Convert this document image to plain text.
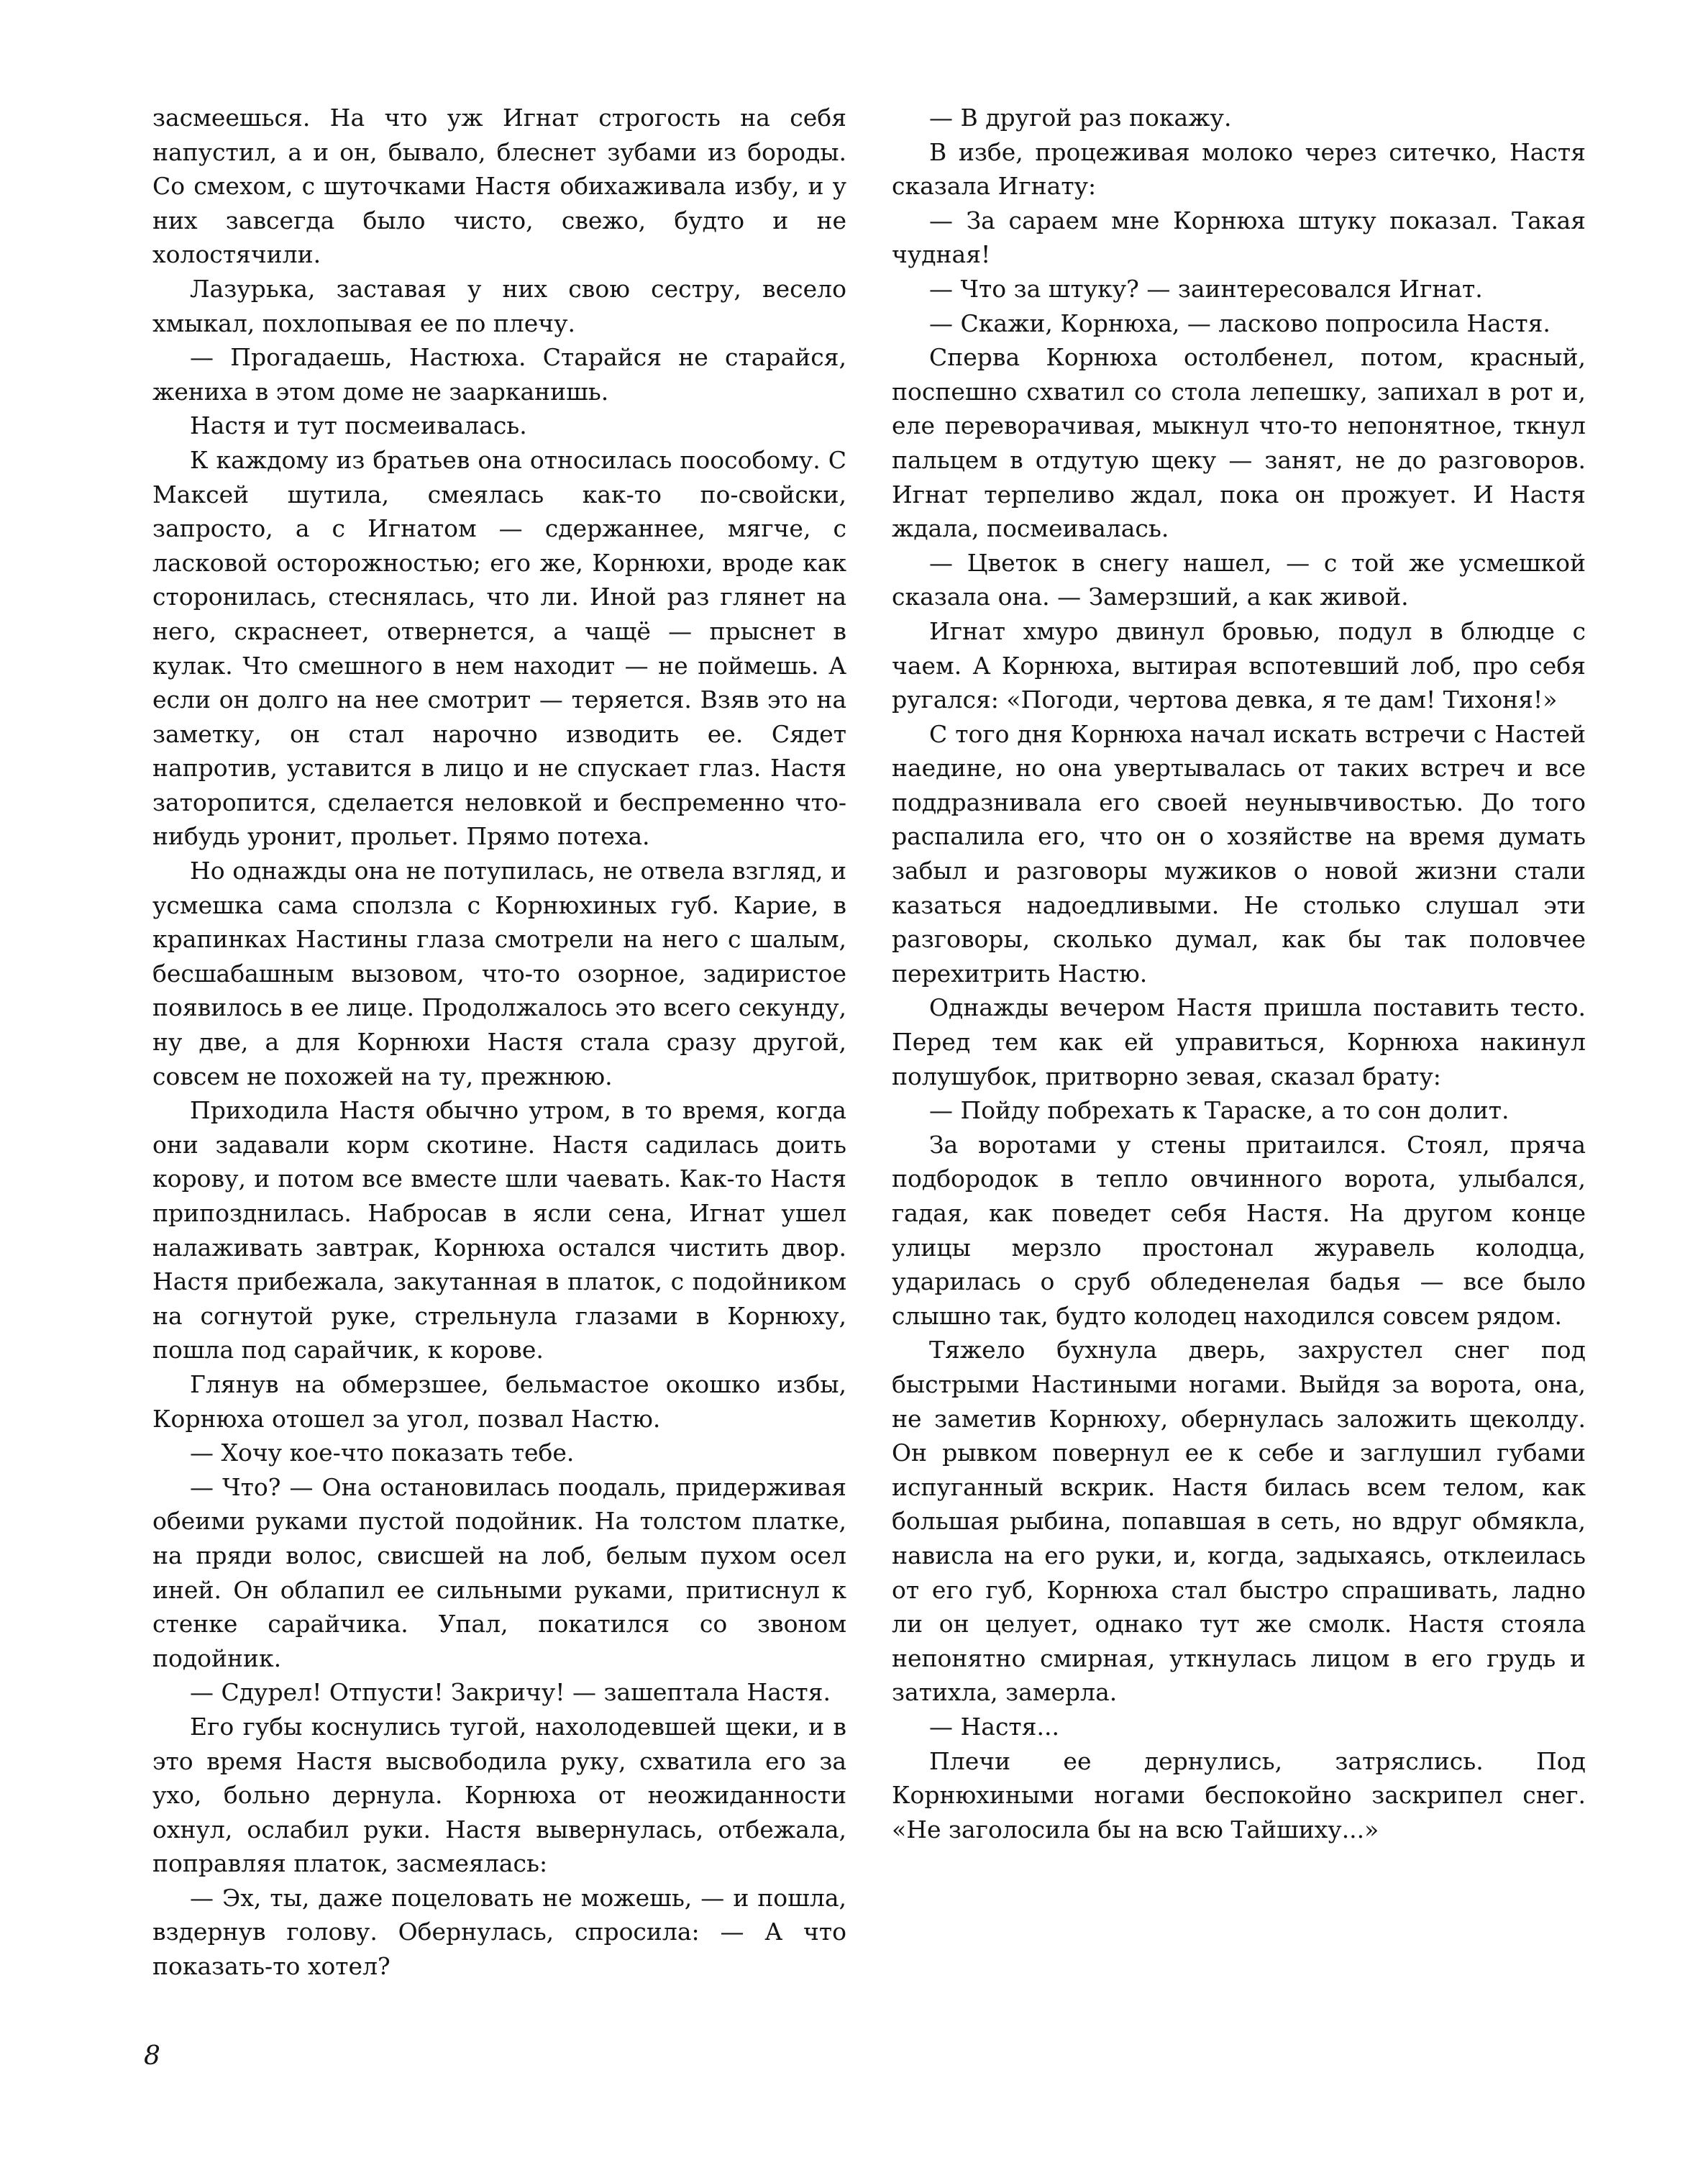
засмеешься. На что уж Игнат строгость на себя напустил, а и он, бывало, блеснет зубами из бороды. Со смехом, с шуточками Настя обихаживала избу, и у них завсегда было чисто, свежо, будто и не холостячили.

Лазурька, заставая у них свою сестру, весело хмыкал, похлопывая ее по плечу.

— Прогадаешь, Настюха. Старайся не старайся, жениха в этом доме не заарканишь.

Настя и тут посмеивалась.

К каждому из братьев она относилась поособому. С Максей шутила, смеялась как-то по-свойски, запросто, а с Игнатом — сдержаннее, мягче, с ласковой осторожностью; его же, Корнюхи, вроде как сторонилась, стеснялась, что ли. Иной раз глянет на него, скраснеет, отвернется, а чащё — прыснет в кулак. Что смешного в нем находит — не поймешь. А если он долго на нее смотрит — теряется. Взяв это на заметку, он стал нарочно изводить ее. Сядет напротив, уставится в лицо и не спускает глаз. Настя заторопится, сделается неловкой и беспременно что-нибудь уронит, прольет. Прямо потеха.

Но однажды она не потупилась, не отвела взгляд, и усмешка сама сползла с Корнюхиных губ. Карие, в крапинках Настины глаза смотрели на него с шалым, бесшабашным вызовом, что-то озорное, задиристое появилось в ее лице. Продолжалось это всего секунду, ну две, а для Корнюхи Настя стала сразу другой, совсем не похожей на ту, прежнюю.

Приходила Настя обычно утром, в то время, когда они задавали корм скотине. Настя садилась доить корову, и потом все вместе шли чаевать. Как-то Настя припозднилась. Набросав в ясли сена, Игнат ушел налаживать завтрак, Корнюха остался чистить двор. Настя прибежала, закутанная в платок, с подойником на согнутой руке, стрельнула глазами в Корнюху, пошла под сарайчик, к корове.

Глянув на обмерзшее, бельмастое окошко избы, Корнюха отошел за угол, позвал Настю.

— Хочу кое-что показать тебе.

— Что? — Она остановилась поодаль, придерживая обеими руками пустой подойник. На толстом платке, на пряди волос, свисшей на лоб, белым пухом осел иней. Он облапил ее сильными руками, притиснул к стенке сарайчика. Упал, покатился со звоном подойник.

— Сдурел! Отпусти! Закричу! — зашептала Настя.

Его губы коснулись тугой, нахолодевшей щеки, и в это время Настя высвободила руку, схватила его за ухо, больно дернула. Корнюха от неожиданности охнул, ослабил руки. Настя вывернулась, отбежала, поправляя платок, засмеялась:

— Эх, ты, даже поцеловать не можешь, — и пошла, вздернув голову. Обернулась, спросила: — А что показать-то хотел?

— В другой раз покажу.

В избе, процеживая молоко через ситечко, Настя сказала Игнату:

— За сараем мне Корнюха штуку показал. Такая чудная!

— Что за штуку? — заинтересовался Игнат.

— Скажи, Корнюха, — ласково попросила Настя.

Сперва Корнюха остолбенел, потом, красный, поспешно схватил со стола лепешку, запихал в рот и, еле переворачивая, мыкнул что-то непонятное, ткнул пальцем в отдутую щеку — занят, не до разговоров. Игнат терпеливо ждал, пока он прожует. И Настя ждала, посмеивалась.

— Цветок в снегу нашел, — с той же усмешкой сказала она. — Замерзший, а как живой.

Игнат хмуро двинул бровью, подул в блюдце с чаем. А Корнюха, вытирая вспотевший лоб, про себя ругался: «Погоди, чертова девка, я те дам! Тихоня!»

С того дня Корнюха начал искать встречи с Настей наедине, но она увертывалась от таких встреч и все поддразнивала его своей неунывчивостью. До того распалила его, что он о хозяйстве на время думать забыл и разговоры мужиков о новой жизни стали казаться надоедливыми. Не столько слушал эти разговоры, сколько думал, как бы так половчее перехитрить Настю.

Однажды вечером Настя пришла поставить тесто. Перед тем как ей управиться, Корнюха накинул полушубок, притворно зевая, сказал брату:

— Пойду побрехать к Тараске, а то сон долит.

За воротами у стены притаился. Стоял, пряча подбородок в тепло овчинного ворота, улыбался, гадая, как поведет себя Настя. На другом конце улицы мерзло простонал журавель колодца, ударилась о сруб обледенелая бадья — все было слышно так, будто колодец находился совсем рядом.

Тяжело бухнула дверь, захрустел снег под быстрыми Настиными ногами. Выйдя за ворота, она, не заметив Корнюху, обернулась заложить щеколду. Он рывком повернул ее к себе и заглушил губами испуганный вскрик. Настя билась всем телом, как большая рыбина, попавшая в сеть, но вдруг обмякла, нависла на его руки, и, когда, задыхаясь, отклеилась от его губ, Корнюха стал быстро спрашивать, ладно ли он целует, однако тут же смолк. Настя стояла непонятно смирная, уткнулась лицом в его грудь и затихла, замерла.

— Настя...

Плечи ее дернулись, затряслись. Под Корнюхиными ногами беспокойно заскрипел снег. «Не заголосила бы на всю Тайшиху...»

8
